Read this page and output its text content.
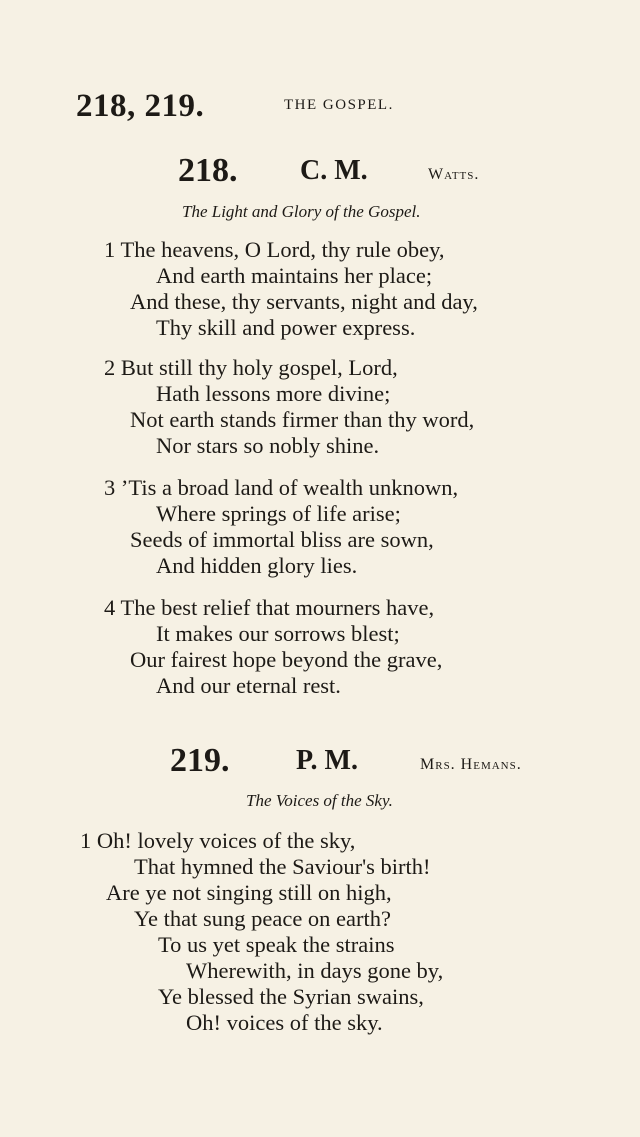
218, 219.	THE GOSPEL.
218. C. M.	Watts.
The Light and Glory of the Gospel.
1 The heavens, O Lord, thy rule obey,
And earth maintains her place;
And these, thy servants, night and day,
Thy skill and power express.
2 But still thy holy gospel, Lord,
Hath lessons more divine;
Not earth stands firmer than thy word,
Nor stars so nobly shine.
3 ’Tis a broad land of wealth unknown,
Where springs of life arise;
Seeds of immortal bliss are sown,
And hidden glory lies.
4 The best relief that mourners have,
It makes our sorrows blest;
Our fairest hope beyond the grave,
And our eternal rest.
219. P. M.	Mrs. Hemans.
The Voices of the Sky.
1 Oh! lovely voices of the sky,
That hymned the Saviour's birth!
Are ye not singing still on high,
Ye that sung peace on earth?
To us yet speak the strains
Wherewith, in days gone by,
Ye blessed the Syrian swains,
Oh! voices of the sky.
